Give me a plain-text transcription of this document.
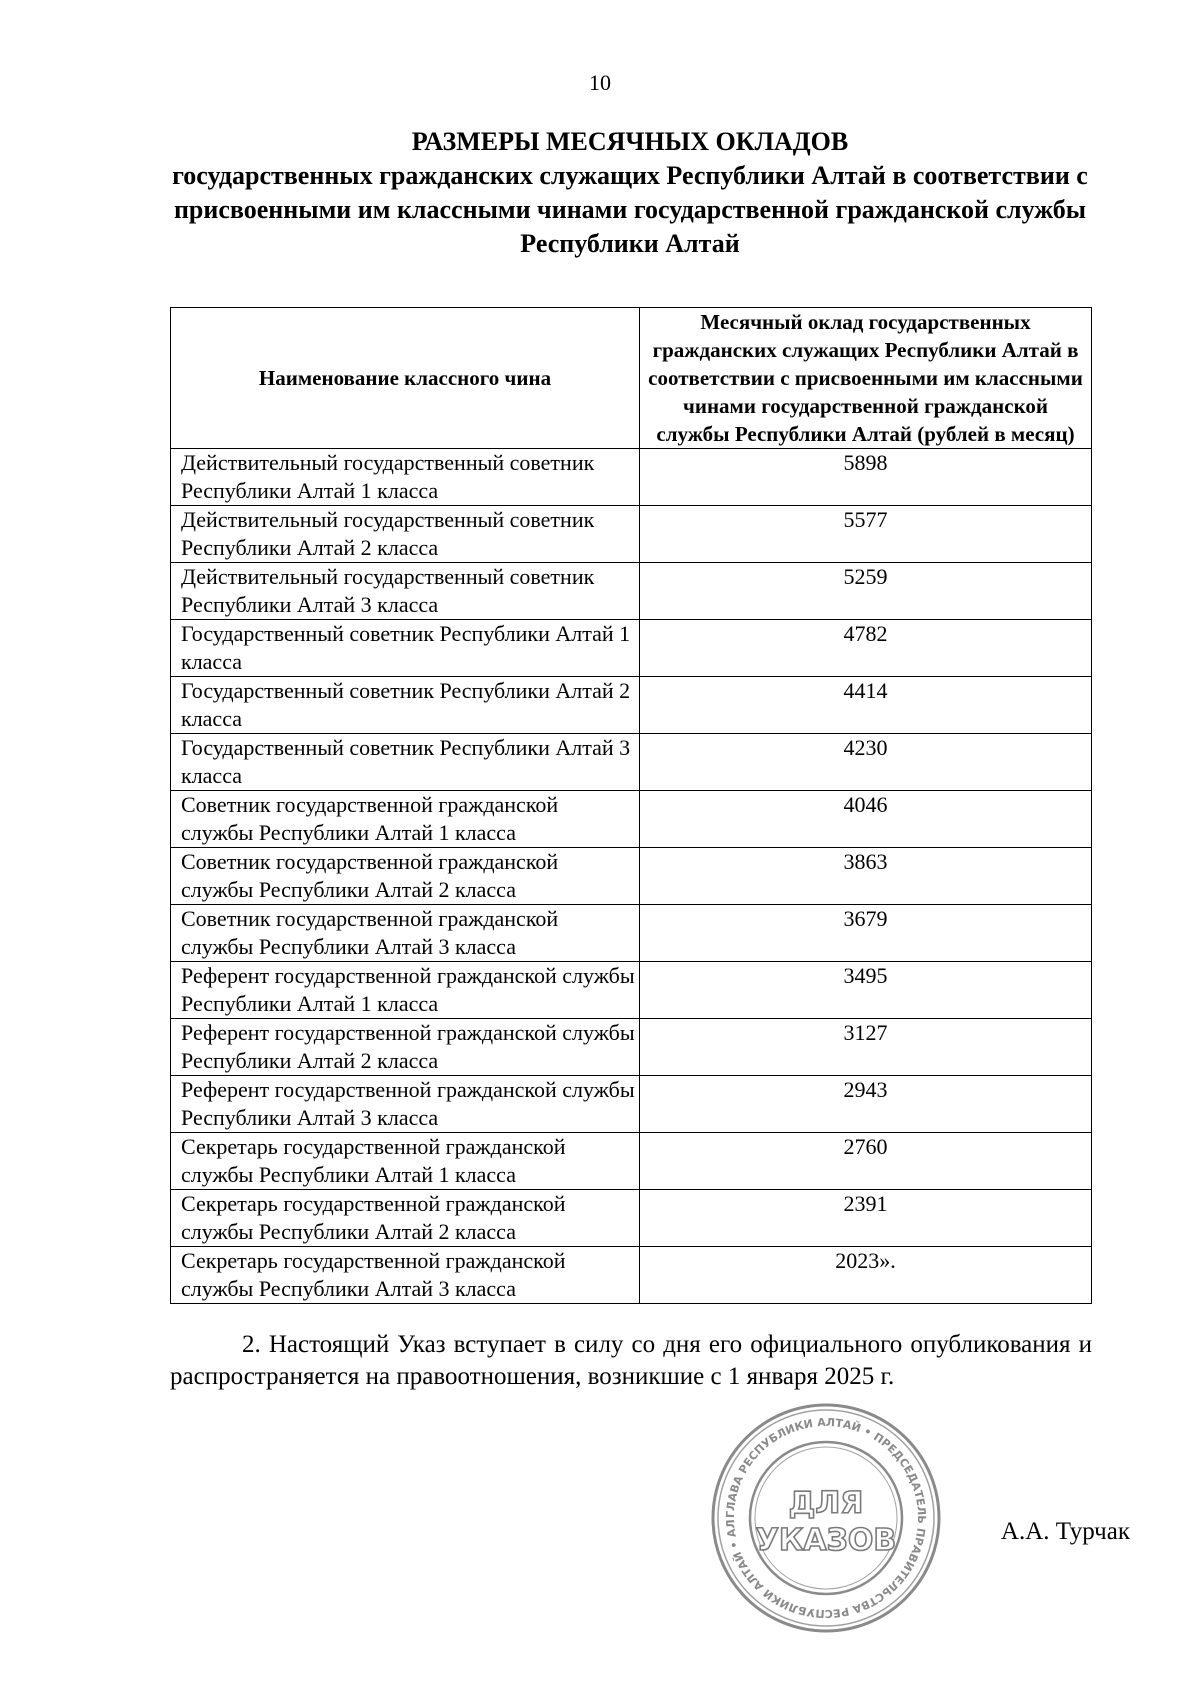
10
РАЗМЕРЫ МЕСЯЧНЫХ ОКЛАДОВ
государственных гражданских служащих Республики Алтай в соответствии с присвоенными им классными чинами государственной гражданской службы Республики Алтай
Наименование классного чина	Месячный оклад государственных гражданских служащих Республики Алтай в соответствии с присвоенными им классными чинами государственной гражданской службы Республики Алтай (рублей в месяц)
Действительный государственный советник Республики Алтай 1 класса	5898
Действительный государственный советник Республики Алтай 2 класса	5577
Действительный государственный советник Республики Алтай 3 класса	5259
Государственный советник Республики Алтай 1 класса	4782
Государственный советник Республики Алтай 2 класса	4414
Государственный советник Республики Алтай 3 класса	4230
Советник государственной гражданской службы Республики Алтай 1 класса	4046
Советник государственной гражданской службы Республики Алтай 2 класса	3863
Советник государственной гражданской службы Республики Алтай 3 класса	3679
Референт государственной гражданской службы Республики Алтай 1 класса	3495
Референт государственной гражданской службы Республики Алтай 2 класса	3127
Референт государственной гражданской службы Республики Алтай 3 класса	2943
Секретарь государственной гражданской службы Республики Алтай 1 класса	2760
Секретарь государственной гражданской службы Республики Алтай 2 класса	2391
Секретарь государственной гражданской службы Республики Алтай 3 класса	2023».
2. Настоящий Указ вступает в силу со дня его официального опубликования и распространяется на правоотношения, возникшие с 1 января 2025 г.
ГЛАВА РЕСПУБЛИКИ АЛТАЙ • ПРЕДСЕДАТЕЛЬ ПРАВИТЕЛЬСТВА РЕСПУБЛИКИ АЛТАЙ • АЛ
ДЛЯ
УКАЗОВ	А.А. Турчак
